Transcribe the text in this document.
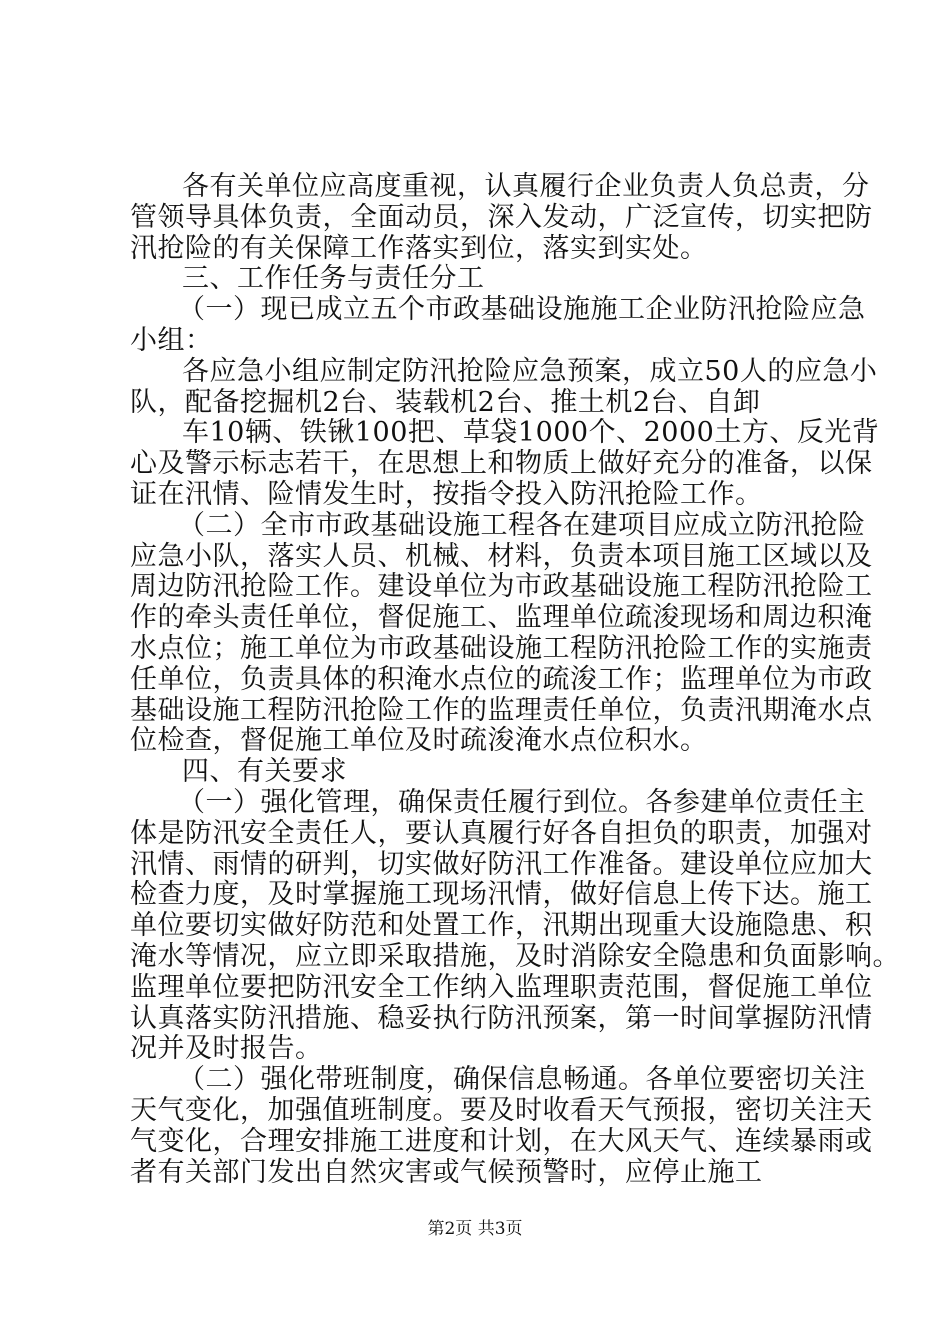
各有关单位应高度重视，认真履行企业负责人负总责，分
管领导具体负责，全面动员，深入发动，广泛宣传，切实把防
汛抢险的有关保障工作落实到位，落实到实处。
三、工作任务与责任分工
（一）现已成立五个市政基础设施施工企业防汛抢险应急
小组：
各应急小组应制定防汛抢险应急预案，成立50人的应急小
队，配备挖掘机2台、装载机2台、推土机2台、自卸
车10辆、铁锹100把、草袋1000个、2000土方、反光背
心及警示标志若干，在思想上和物质上做好充分的准备，以保
证在汛情、险情发生时，按指令投入防汛抢险工作。
（二）全市市政基础设施工程各在建项目应成立防汛抢险
应急小队，落实人员、机械、材料，负责本项目施工区域以及
周边防汛抢险工作。建设单位为市政基础设施工程防汛抢险工
作的牵头责任单位，督促施工、监理单位疏浚现场和周边积淹
水点位；施工单位为市政基础设施工程防汛抢险工作的实施责
任单位，负责具体的积淹水点位的疏浚工作；监理单位为市政
基础设施工程防汛抢险工作的监理责任单位，负责汛期淹水点
位检查，督促施工单位及时疏浚淹水点位积水。
四、有关要求
（一）强化管理，确保责任履行到位。各参建单位责任主
体是防汛安全责任人，要认真履行好各自担负的职责，加强对
汛情、雨情的研判，切实做好防汛工作准备。建设单位应加大
检查力度，及时掌握施工现场汛情，做好信息上传下达。施工
单位要切实做好防范和处置工作，汛期出现重大设施隐患、积
淹水等情况，应立即采取措施，及时消除安全隐患和负面影响。
监理单位要把防汛安全工作纳入监理职责范围，督促施工单位
认真落实防汛措施、稳妥执行防汛预案，第一时间掌握防汛情
况并及时报告。
（二）强化带班制度，确保信息畅通。各单位要密切关注
天气变化，加强值班制度。要及时收看天气预报，密切关注天
气变化，合理安排施工进度和计划，在大风天气、连续暴雨或
者有关部门发出自然灾害或气候预警时，应停止施工
第2页 共3页
